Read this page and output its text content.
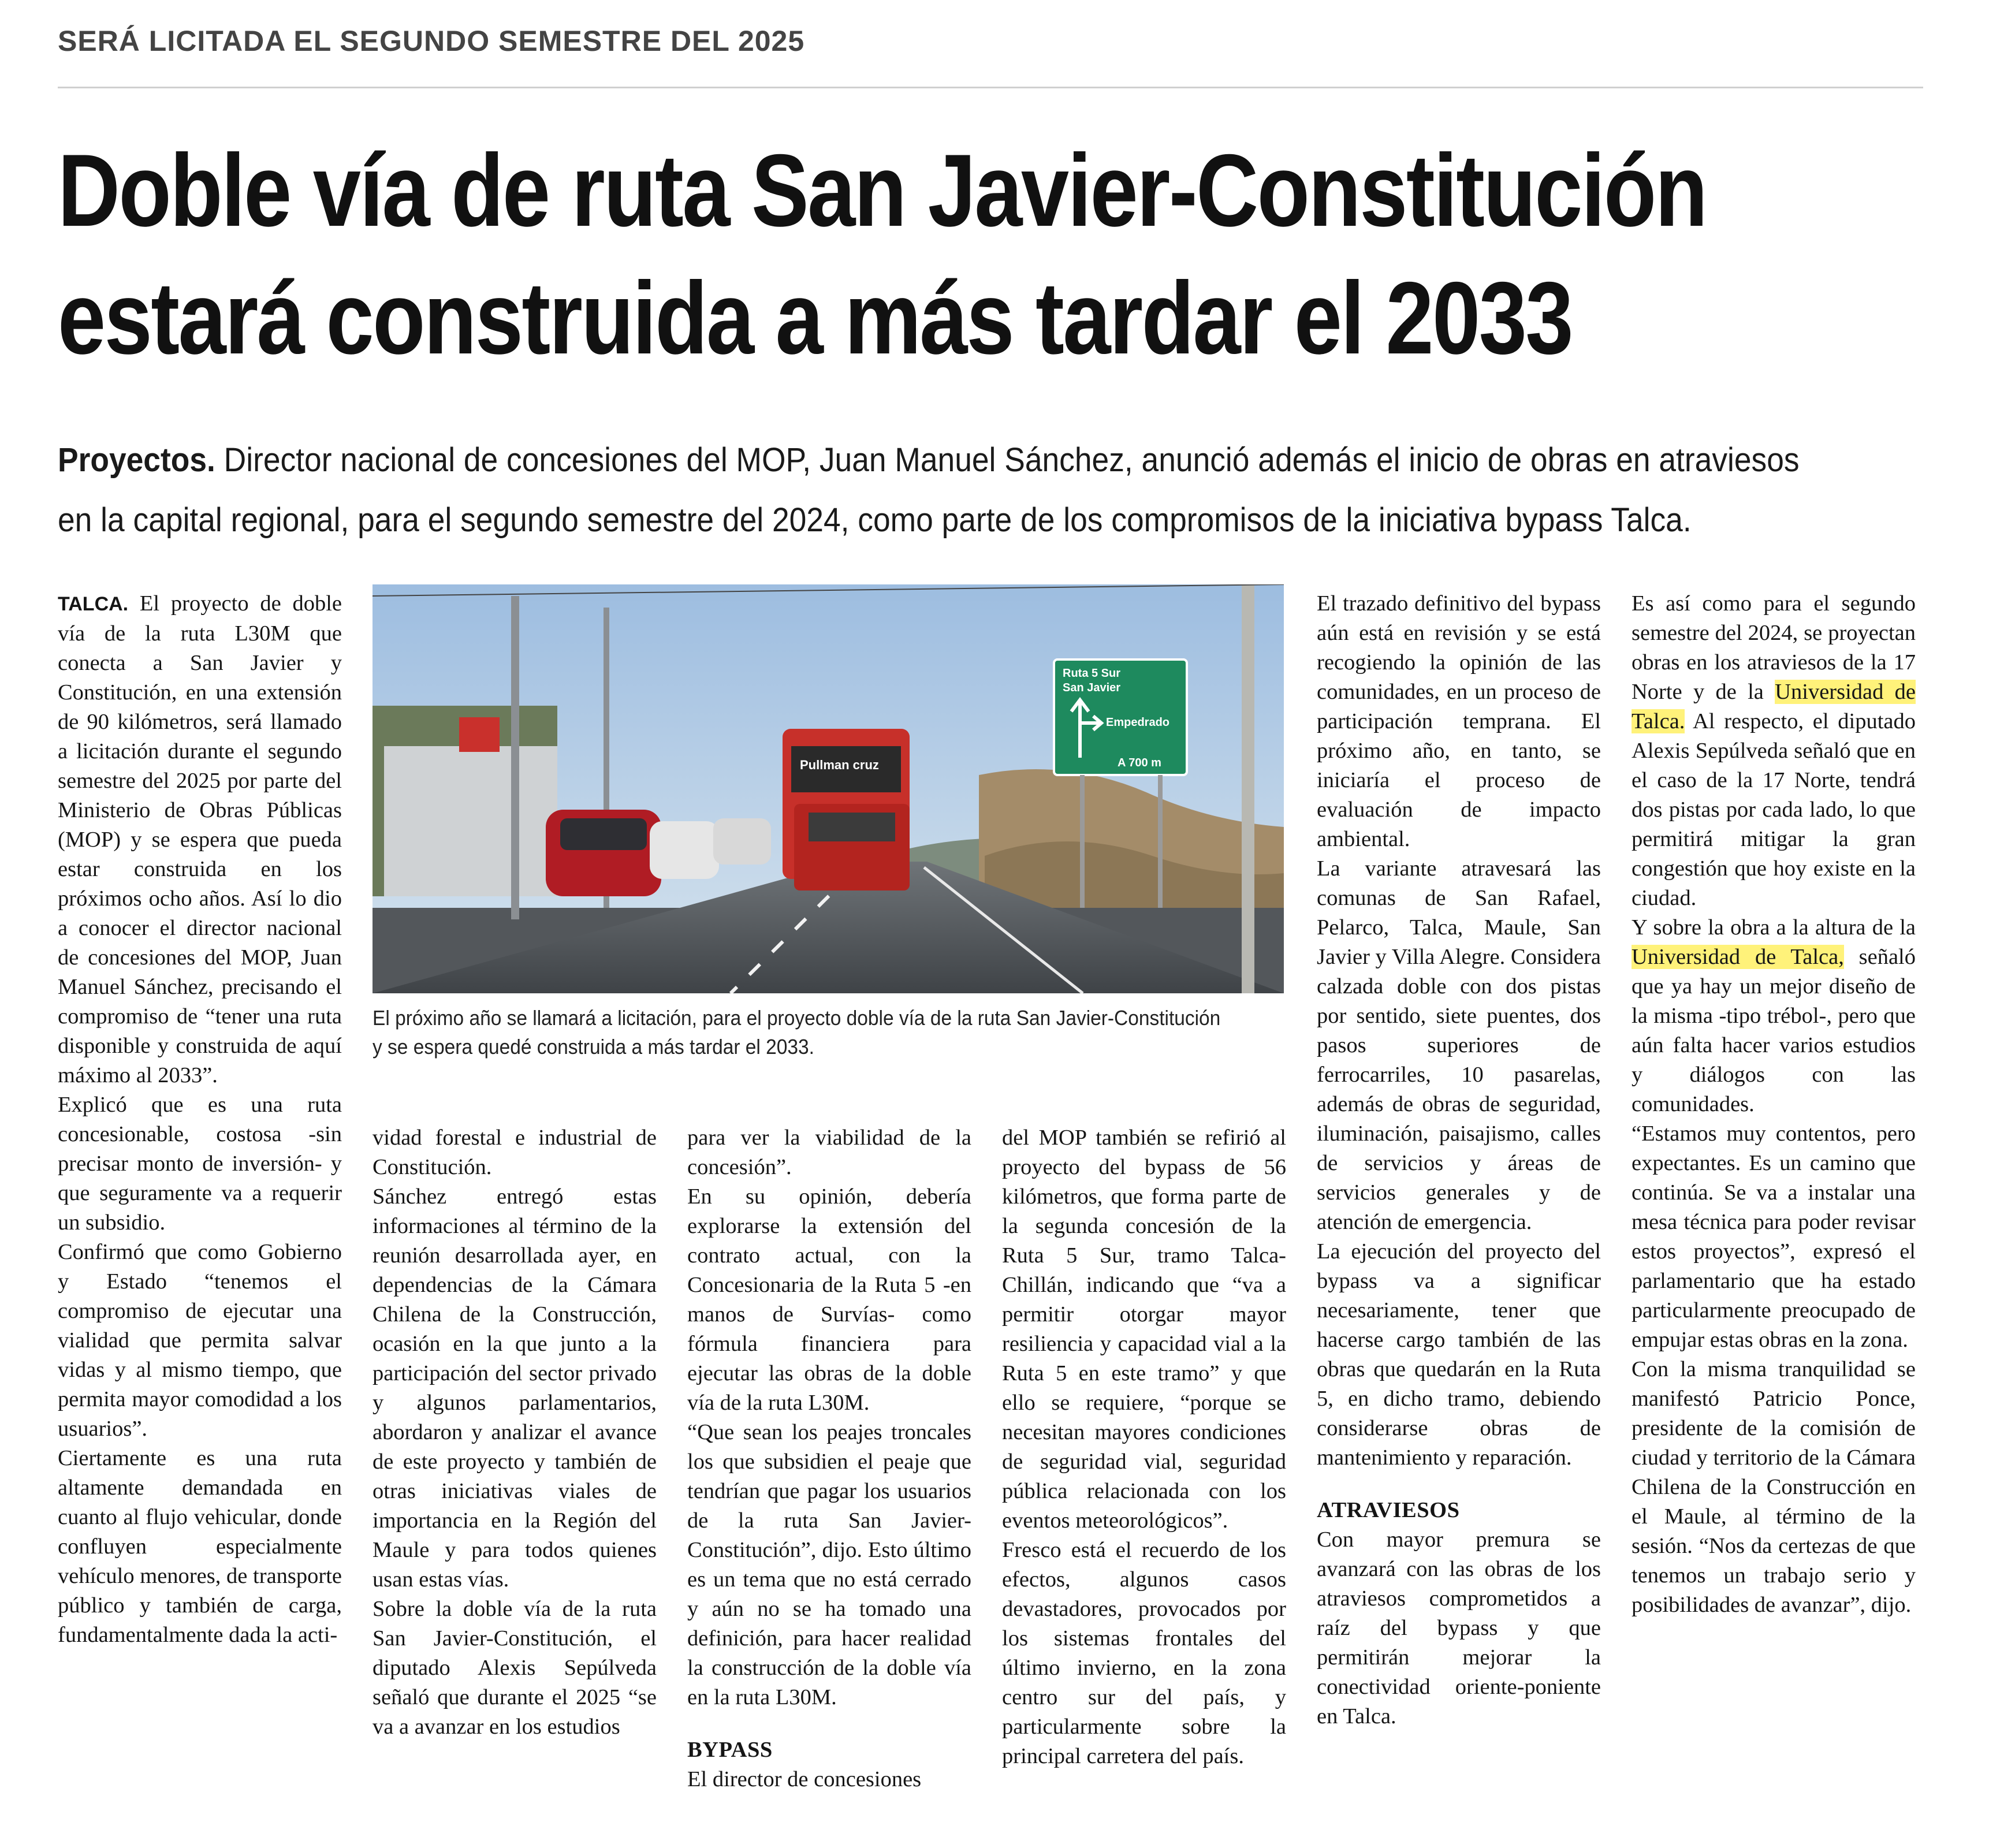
SERÁ LICITADA EL SEGUNDO SEMESTRE DEL 2025
Doble vía de ruta San Javier-Constitución
estará construida a más tardar el 2033
Proyectos. Director nacional de concesiones del MOP, Juan Manuel Sánchez, anunció además el inicio de obras en atraviesos en la capital regional, para el segundo semestre del 2024, como parte de los compromisos de la iniciativa bypass Talca.

TALCA. El proyecto de doble vía de la ruta L30M que conecta a San Javier y Constitución, en una extensión de 90 kilómetros, será llamado a licitación durante el segundo semestre del 2025 por parte del Ministerio de Obras Públicas (MOP) y se espera que pueda estar construida en los próximos ocho años. Así lo dio a conocer el director nacional de concesiones del MOP, Juan Manuel Sánchez, precisando el compromiso de “tener una ruta disponible y construida de aquí máximo al 2033”.

Explicó que es una ruta concesionable, costosa -sin precisar monto de inversión- y que seguramente va a requerir un subsidio.

Confirmó que como Gobierno y Estado “tenemos el compromiso de ejecutar una vialidad que permita salvar vidas y al mismo tiempo, que permita mayor comodidad a los usuarios”.

Ciertamente es una ruta altamente demandada en cuanto al flujo vehicular, donde confluyen especialmente vehículo menores, de transporte público y también de carga, fundamentalmente dada la acti-

Pullman cruz
Ruta 5 Sur
San Javier
Empedrado
A 700 m
El próximo año se llamará a licitación, para el proyecto doble vía de la ruta San Javier-Constitución y se espera quedé construida a más tardar el 2033.

vidad forestal e industrial de Constitución.

Sánchez entregó estas informaciones al término de la reunión desarrollada ayer, en dependencias de la Cámara Chilena de la Construcción, ocasión en la que junto a la participación del sector privado y algunos parlamentarios, abordaron y analizar el avance de este proyecto y también de otras iniciativas viales de importancia en la Región del Maule y para todos quienes usan estas vías.

Sobre la doble vía de la ruta San Javier-Constitución, el diputado Alexis Sepúlveda señaló que durante el 2025 “se va a avanzar en los estudios

para ver la viabilidad de la concesión”.

En su opinión, debería explorarse la extensión del contrato actual, con la Concesionaria de la Ruta 5 -en manos de Survías- como fórmula financiera para ejecutar las obras de la doble vía de la ruta L30M.

“Que sean los peajes troncales los que subsidien el peaje que tendrían que pagar los usuarios de la ruta San Javier-Constitución”, dijo. Esto último es un tema que no está cerrado y aún no se ha tomado una definición, para hacer realidad la construcción de la doble vía en la ruta L30M.

BYPASS

El director de concesiones

del MOP también se refirió al proyecto del bypass de 56 kilómetros, que forma parte de la segunda concesión de la Ruta 5 Sur, tramo Talca-Chillán, indicando que “va a permitir otorgar mayor resiliencia y capacidad vial a la Ruta 5 en este tramo” y que ello se requiere, “porque se necesitan mayores condiciones de seguridad vial, seguridad pública relacionada con los eventos meteorológicos”.

Fresco está el recuerdo de los efectos, algunos casos devastadores, provocados por los sistemas frontales del último invierno, en la zona centro sur del país, y particularmente sobre la principal carretera del país.

El trazado definitivo del bypass aún está en revisión y se está recogiendo la opinión de las comunidades, en un proceso de participación temprana. El próximo año, en tanto, se iniciaría el proceso de evaluación de impacto ambiental.

La variante atravesará las comunas de San Rafael, Pelarco, Talca, Maule, San Javier y Villa Alegre. Considera calzada doble con dos pistas por sentido, siete puentes, dos pasos superiores de ferrocarriles, 10 pasarelas, además de obras de seguridad, iluminación, paisajismo, calles de servicios y áreas de servicios generales y de atención de emergencia.

La ejecución del proyecto del bypass va a significar necesariamente, tener que hacerse cargo también de las obras que quedarán en la Ruta 5, en dicho tramo, debiendo considerarse obras de mantenimiento y reparación.

ATRAVIESOS

Con mayor premura se avanzará con las obras de los atraviesos comprometidos a raíz del bypass y que permitirán mejorar la conectividad oriente-poniente en Talca.

Es así como para el segundo semestre del 2024, se proyectan obras en los atraviesos de la 17 Norte y de la Universidad de Talca. Al respecto, el diputado Alexis Sepúlveda señaló que en el caso de la 17 Norte, tendrá dos pistas por cada lado, lo que permitirá mitigar la gran congestión que hoy existe en la ciudad.

Y sobre la obra a la altura de la Universidad de Talca, señaló que ya hay un mejor diseño de la misma -tipo trébol-, pero que aún falta hacer varios estudios y diálogos con las comunidades.

“Estamos muy contentos, pero expectantes. Es un camino que continúa. Se va a instalar una mesa técnica para poder revisar estos proyectos”, expresó el parlamentario que ha estado particularmente preocupado de empujar estas obras en la zona.

Con la misma tranquilidad se manifestó Patricio Ponce, presidente de la comisión de ciudad y territorio de la Cámara Chilena de la Construcción en el Maule, al término de la sesión. “Nos da certezas de que tenemos un trabajo serio y posibilidades de avanzar”, dijo.
